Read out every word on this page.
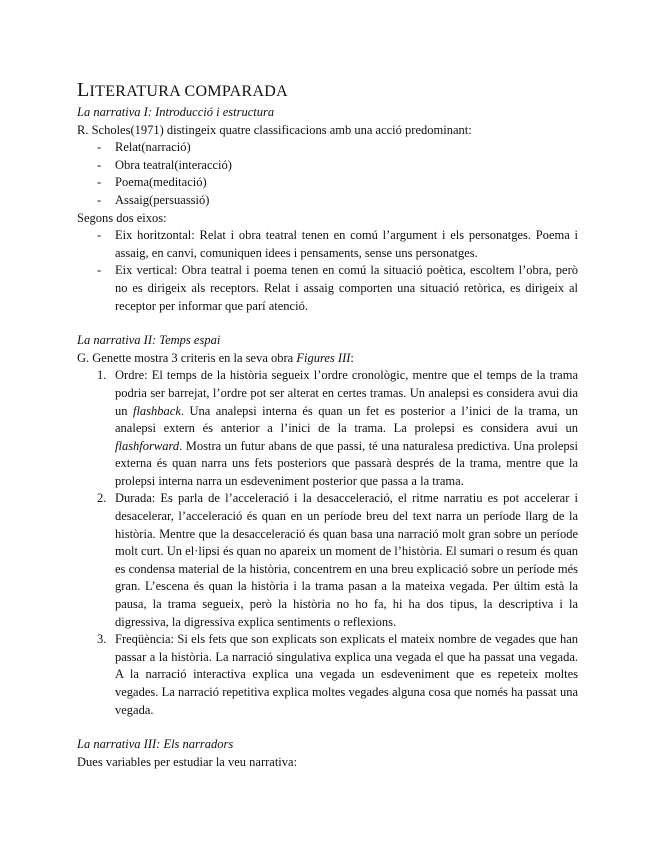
LITERATURA COMPARADA

La narrativa I: Introducció i estructura

R. Scholes(1971) distingeix quatre classificacions amb una acció predominant:

- Relat(narració)
- Obra teatral(interacció)
- Poema(meditació)
- Assaig(persuassió)

Segons dos eixos:

- Eix horitzontal: Relat i obra teatral tenen en comú l’argument i els personatges. Poema i assaig, en canvi, comuniquen idees i pensaments, sense uns personatges.
- Eix vertical: Obra teatral i poema tenen en comú la situació poètica, escoltem l’obra, però no es dirigeix als receptors. Relat i assaig comporten una situació retòrica, es dirigeix al receptor per informar que parí atenció.

La narrativa II: Temps espai

G. Genette mostra 3 criteris en la seva obra Figures III:

1. Ordre: El temps de la història segueix l’ordre cronològic, mentre que el temps de la trama podria ser barrejat, l’ordre pot ser alterat en certes tramas. Un analepsi es considera avui dia un flashback. Una analepsi interna és quan un fet es posterior a l’inici de la trama, un analepsi extern és anterior a l’inici de la trama. La prolepsi es considera avui un flashforward. Mostra un futur abans de que passi, té una naturalesa predictiva. Una prolepsi externa és quan narra uns fets posteriors que passarà després de la trama, mentre que la prolepsi interna narra un esdeveniment posterior que passa a la trama.
2. Durada: Es parla de l’acceleració i la desacceleració, el ritme narratiu es pot accelerar i desacelerar, l’acceleració és quan en un període breu del text narra un període llarg de la història. Mentre que la desacceleració és quan basa una narració molt gran sobre un període molt curt. Un el·lipsi és quan no apareix un moment de l’història. El sumari o resum és quan es condensa material de la història, concentrem en una breu explicació sobre un període més gran. L’escena és quan la història i la trama pasan a la mateixa vegada. Per últim està la pausa, la trama segueix, però la història no ho fa, hi ha dos tipus, la descriptiva i la digressiva, la digressiva explica sentiments o reflexions.
3. Freqüència: Si els fets que son explicats son explicats el mateix nombre de vegades que han passar a la història. La narració singulativa explica una vegada el que ha passat una vegada. A la narració interactiva explica una vegada un esdeveniment que es repeteix moltes vegades. La narració repetitiva explica moltes vegades alguna cosa que només ha passat una vegada.

La narrativa III: Els narradors

Dues variables per estudiar la veu narrativa:
